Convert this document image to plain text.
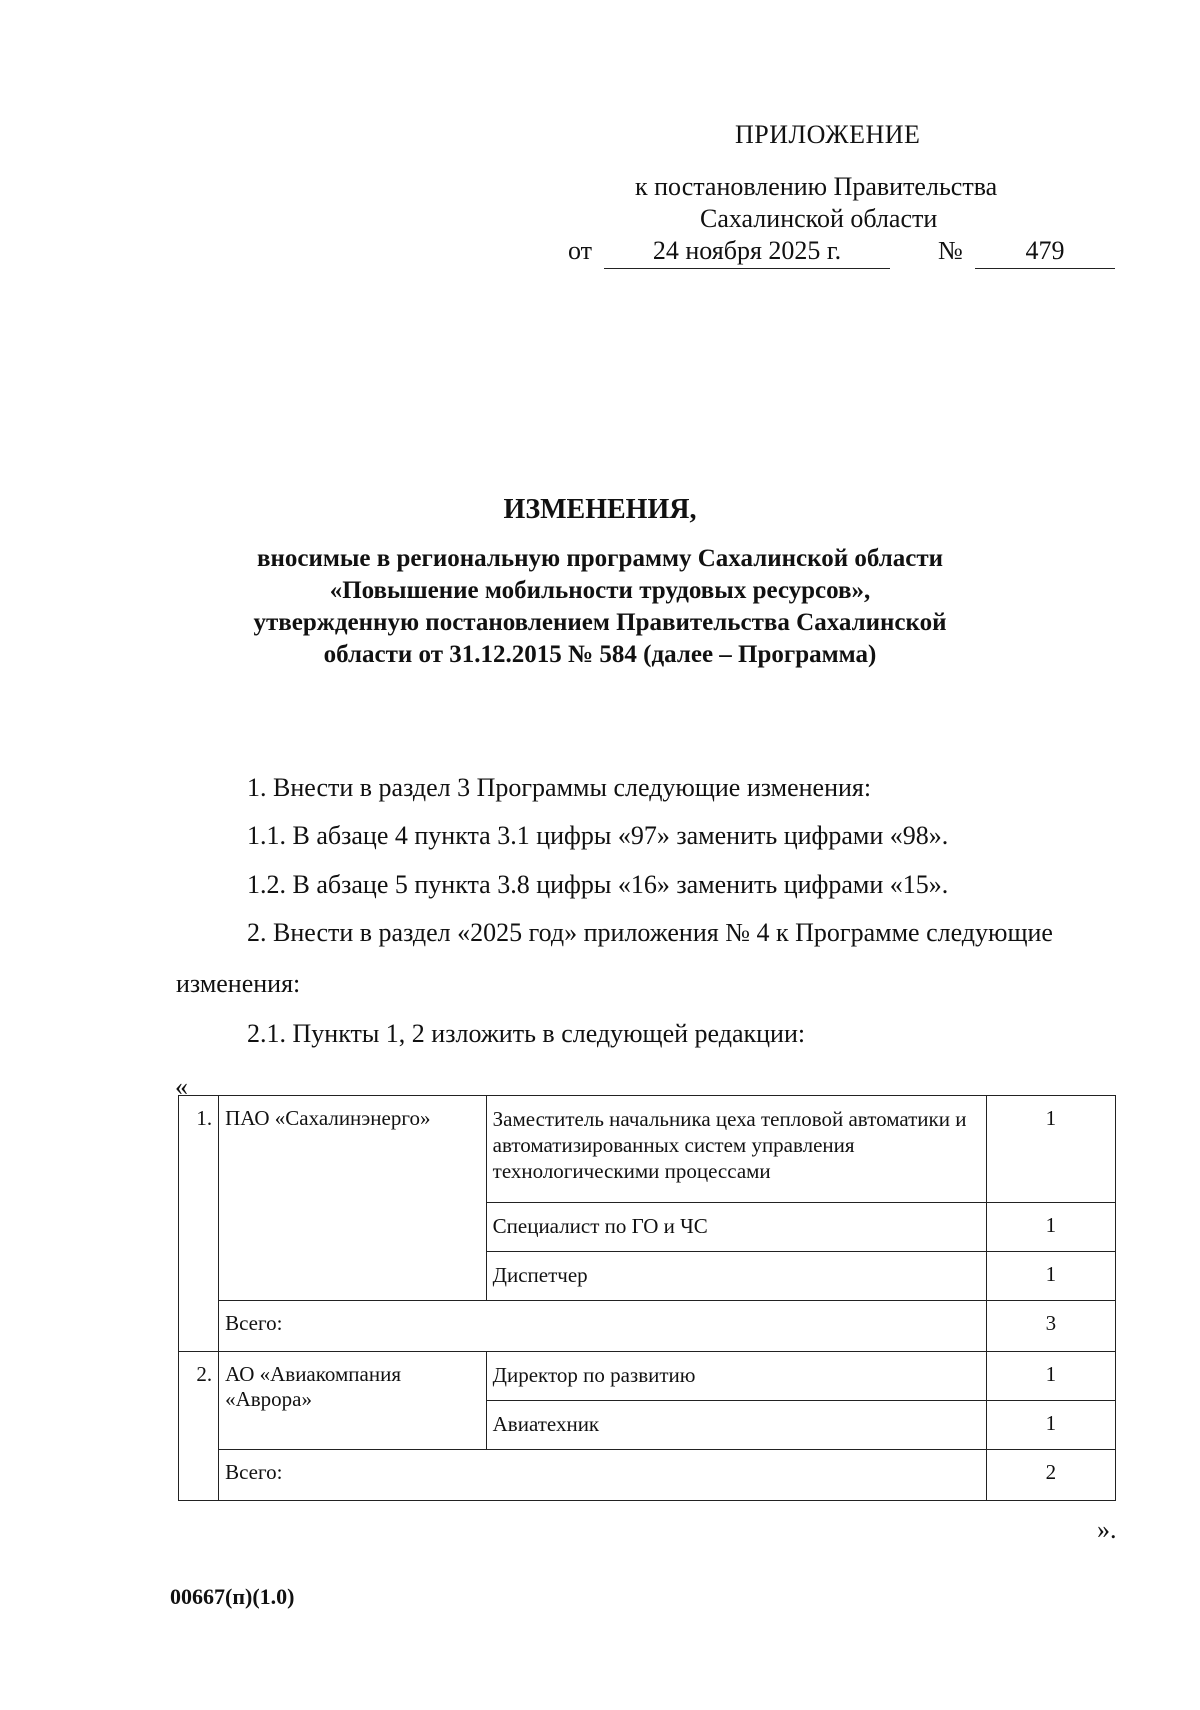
ПРИЛОЖЕНИЕ
к постановлению Правительства
Сахалинской области
от	24 ноября 2025 г.	№	479
ИЗМЕНЕНИЯ,
вносимые в региональную программу Сахалинской области
«Повышение мобильности трудовых ресурсов»,
утвержденную постановлением Правительства Сахалинской
области от 31.12.2015 № 584 (далее – Программа)
1. Внести в раздел 3 Программы следующие изменения:
1.1. В абзаце 4 пункта 3.1 цифры «97» заменить цифрами «98».
1.2. В абзаце 5 пункта 3.8 цифры «16» заменить цифрами «15».
2. Внести в раздел «2025 год» приложения № 4 к Программе следующие
изменения:
2.1. Пункты 1, 2 изложить в следующей редакции:
«
1.	ПАО «Сахалинэнерго»	Заместитель начальника цеха тепловой автоматики и автоматизированных систем управления технологическими процессами	1
		Специалист по ГО и ЧС	1
		Диспетчер	1
	Всего:		3
2.	АО «Авиакомпания «Аврора»	Директор по развитию	1
		Авиатехник	1
	Всего:		2
».
00667(п)(1.0)
